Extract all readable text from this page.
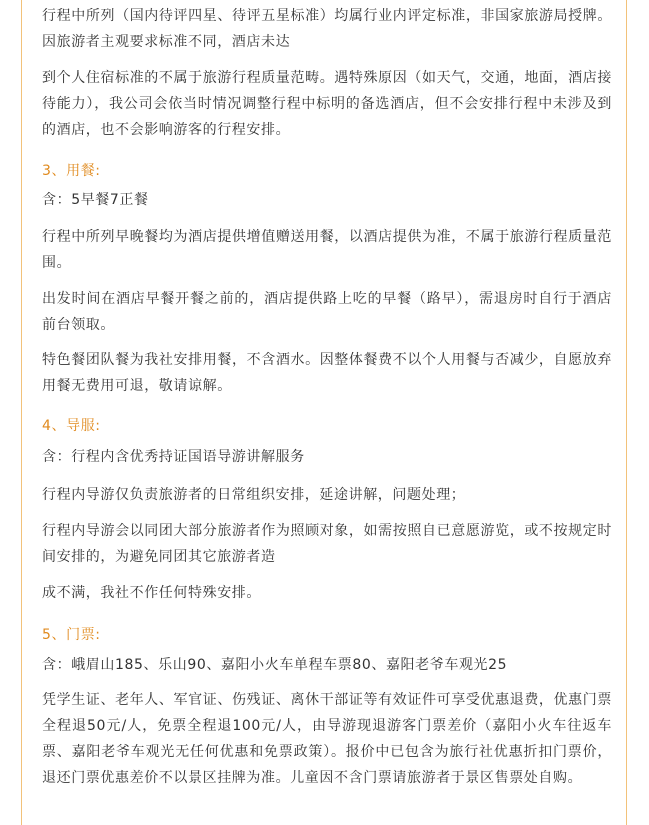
行程中所列（国内待评四星、待评五星标准）均属行业内评定标准，非国家旅游局授牌。因旅游者主观要求标准不同，酒店未达

到个人住宿标准的不属于旅游行程质量范畴。遇特殊原因（如天气，交通，地面，酒店接待能力），我公司会依当时情况调整行程中标明的备选酒店，但不会安排行程中未涉及到的酒店，也不会影响游客的行程安排。

3、用餐:

含：5早餐7正餐

行程中所列早晚餐均为酒店提供增值赠送用餐，以酒店提供为准，不属于旅游行程质量范围。

出发时间在酒店早餐开餐之前的，酒店提供路上吃的早餐（路早），需退房时自行于酒店前台领取。

特色餐团队餐为我社安排用餐，不含酒水。因整体餐费不以个人用餐与否减少，自愿放弃用餐无费用可退，敬请谅解。

4、导服:

含：行程内含优秀持证国语导游讲解服务

行程内导游仅负责旅游者的日常组织安排，延途讲解，问题处理；

行程内导游会以同团大部分旅游者作为照顾对象，如需按照自已意愿游览，或不按规定时间安排的，为避免同团其它旅游者造

成不满，我社不作任何特殊安排。

5、门票:

含：峨眉山185、乐山90、嘉阳小火车单程车票80、嘉阳老爷车观光25

凭学生证、老年人、军官证、伤残证、离休干部证等有效证件可享受优惠退费，优惠门票全程退50元/人，免票全程退100元/人，由导游现退游客门票差价（嘉阳小火车往返车票、嘉阳老爷车观光无任何优惠和免票政策）。报价中已包含为旅行社优惠折扣门票价，退还门票优惠差价不以景区挂牌为准。儿童因不含门票请旅游者于景区售票处自购。
